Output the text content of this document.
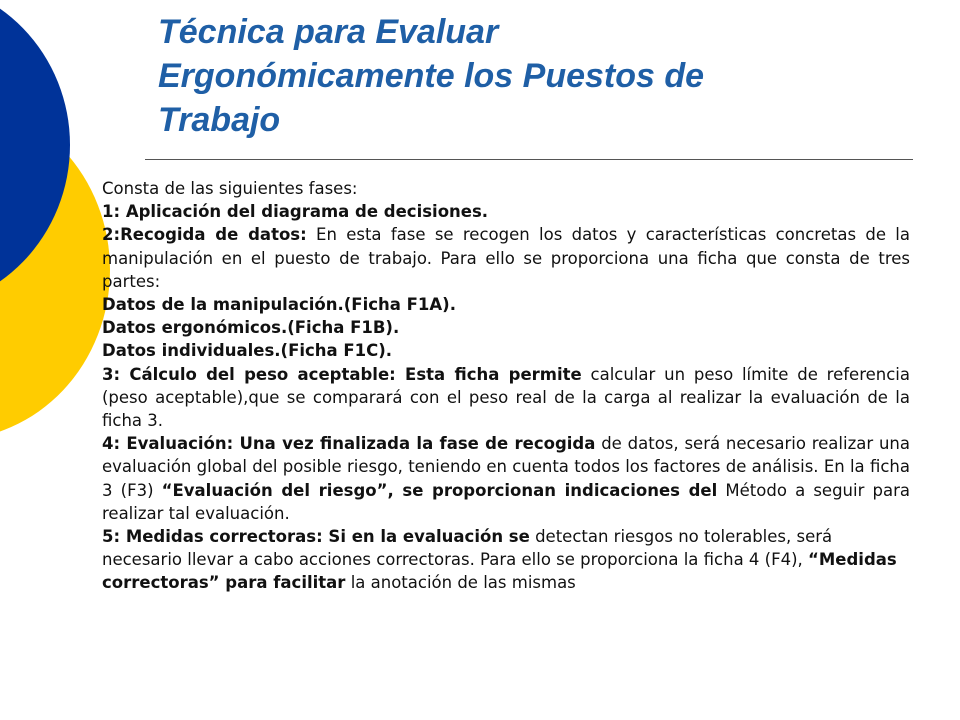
Técnica para Evaluar
Ergonómicamente los Puestos de
Trabajo

Consta de las siguientes fases:

1: Aplicación del diagrama de decisiones.

2:Recogida de datos: En esta fase se recogen los datos y características concretas de la manipulación en el puesto de trabajo. Para ello se proporciona una ficha que consta de tres partes:

Datos de la manipulación.(Ficha F1A).

Datos ergonómicos.(Ficha F1B).

Datos individuales.(Ficha F1C).

3: Cálculo del peso aceptable: Esta ficha permite calcular un peso límite de referencia (peso aceptable),que se comparará con el peso real de la carga al realizar la evaluación de la ficha 3.

4: Evaluación: Una vez finalizada la fase de recogida de datos, será necesario realizar una evaluación global del posible riesgo, teniendo en cuenta todos los factores de análisis. En la ficha 3 (F3) “Evaluación del riesgo”, se proporcionan indicaciones del Método a seguir para realizar tal evaluación.

5: Medidas correctoras: Si en la evaluación se detectan riesgos no tolerables, será necesario llevar a cabo acciones correctoras. Para ello se proporciona la ficha 4 (F4), “Medidas correctoras” para facilitar la anotación de las mismas
